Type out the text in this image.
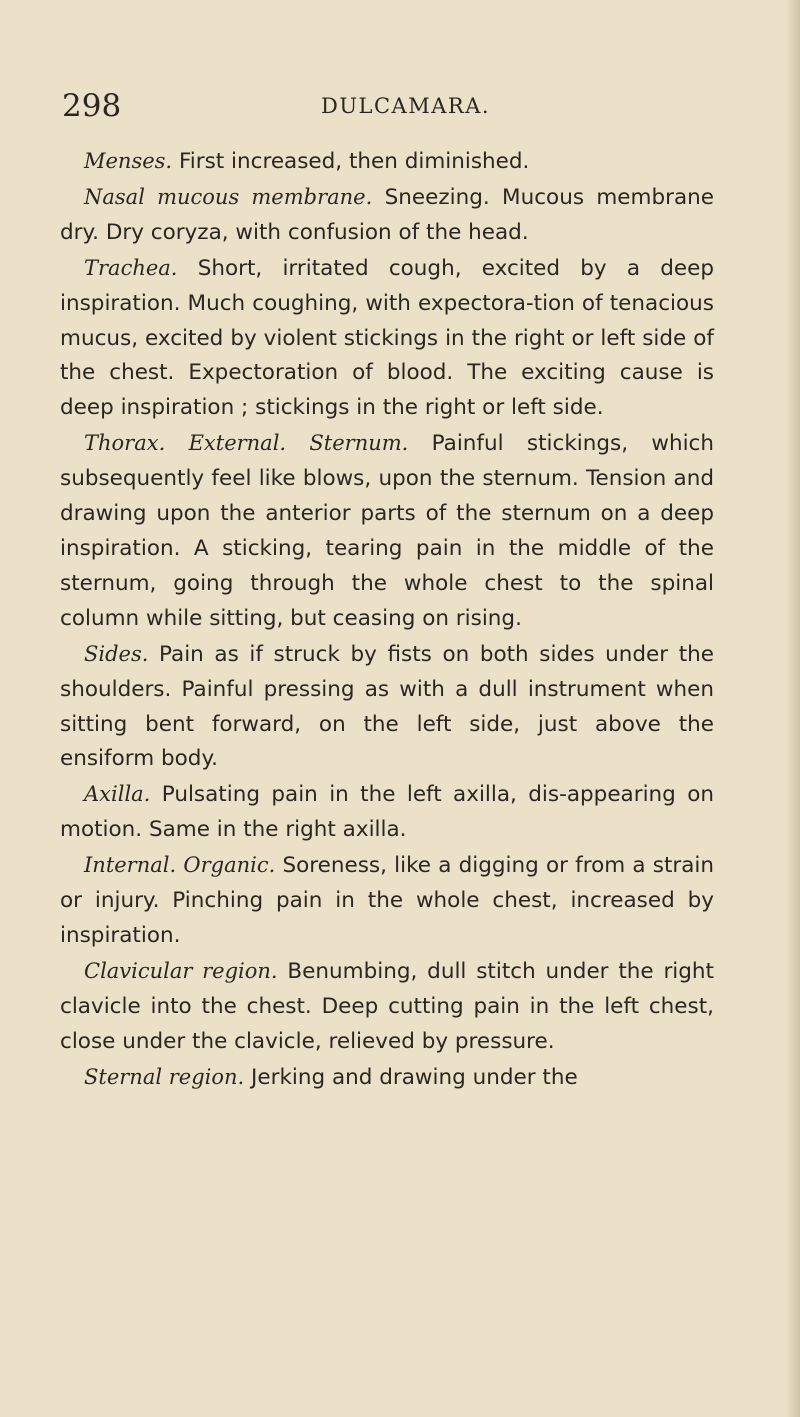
298	DULCAMARA.

Menses. First increased, then diminished.

Nasal mucous membrane. Sneezing. Mucous membrane dry. Dry coryza, with confusion of the head.

Trachea. Short, irritated cough, excited by a deep inspiration. Much coughing, with expectora-tion of tenacious mucus, excited by violent stickings in the right or left side of the chest. Expectoration of blood. The exciting cause is deep inspiration ; stickings in the right or left side.

Thorax. External. Sternum. Painful stickings, which subsequently feel like blows, upon the sternum. Tension and drawing upon the anterior parts of the sternum on a deep inspiration. A sticking, tearing pain in the middle of the sternum, going through the whole chest to the spinal column while sitting, but ceasing on rising.

Sides. Pain as if struck by fists on both sides under the shoulders. Painful pressing as with a dull instrument when sitting bent forward, on the left side, just above the ensiform body.

Axilla. Pulsating pain in the left axilla, dis-appearing on motion. Same in the right axilla.

Internal. Organic. Soreness, like a digging or from a strain or injury. Pinching pain in the whole chest, increased by inspiration.

Clavicular region. Benumbing, dull stitch under the right clavicle into the chest. Deep cutting pain in the left chest, close under the clavicle, relieved by pressure.

Sternal region. Jerking and drawing under the
